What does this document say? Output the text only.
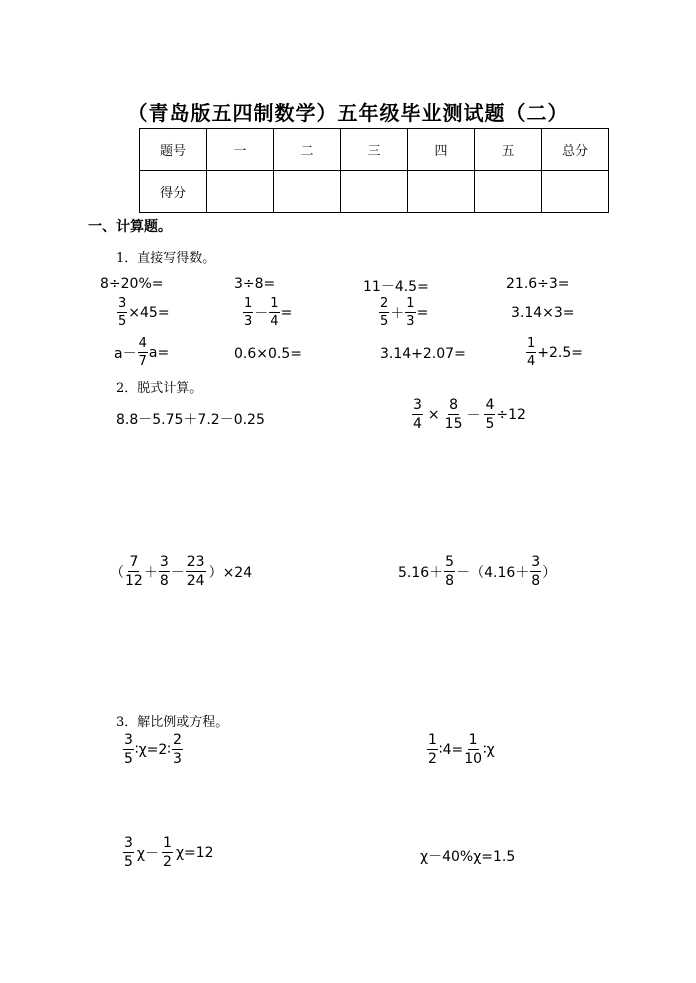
（青岛版五四制数学）五年级毕业测试题（二）
题号	一	二	三	四	五	总分
得分						
一、计算题。
1．直接写得数。
8÷20%=	3÷8=	11－4.5=	21.6÷3=
$\frac{3}{5} \times 45=$	$\frac{1}{3} - \frac{1}{4}$ =	$\frac{2}{5} + \frac{1}{3}$ =	3.14×3=
$a- \frac{4}{7} a=$	0.6×0.5=	3.14+2.07=	$\frac{1}{4} +2.5=$
2．脱式计算。
8.8－5.75＋7.2－0.25	$\frac{3}{4} \times \frac{8}{15} - \frac{4}{5} \div 12$
（ $\frac{7}{12} + \frac{3}{8} - \frac{23}{24} )\times 24$	$5.16+ \frac{5}{8} -(4.16+ \frac{3}{8}$ ）
3．解比例或方程。
$\frac{3}{5}$ ∶χ=2∶ $\frac{2}{3}$	$\frac{1}{2}$ ∶4= $\frac{1}{10}$ ∶χ
$\frac{3}{5} \chi- \frac{1}{2} \chi=12$	χ－40%χ=1.5
